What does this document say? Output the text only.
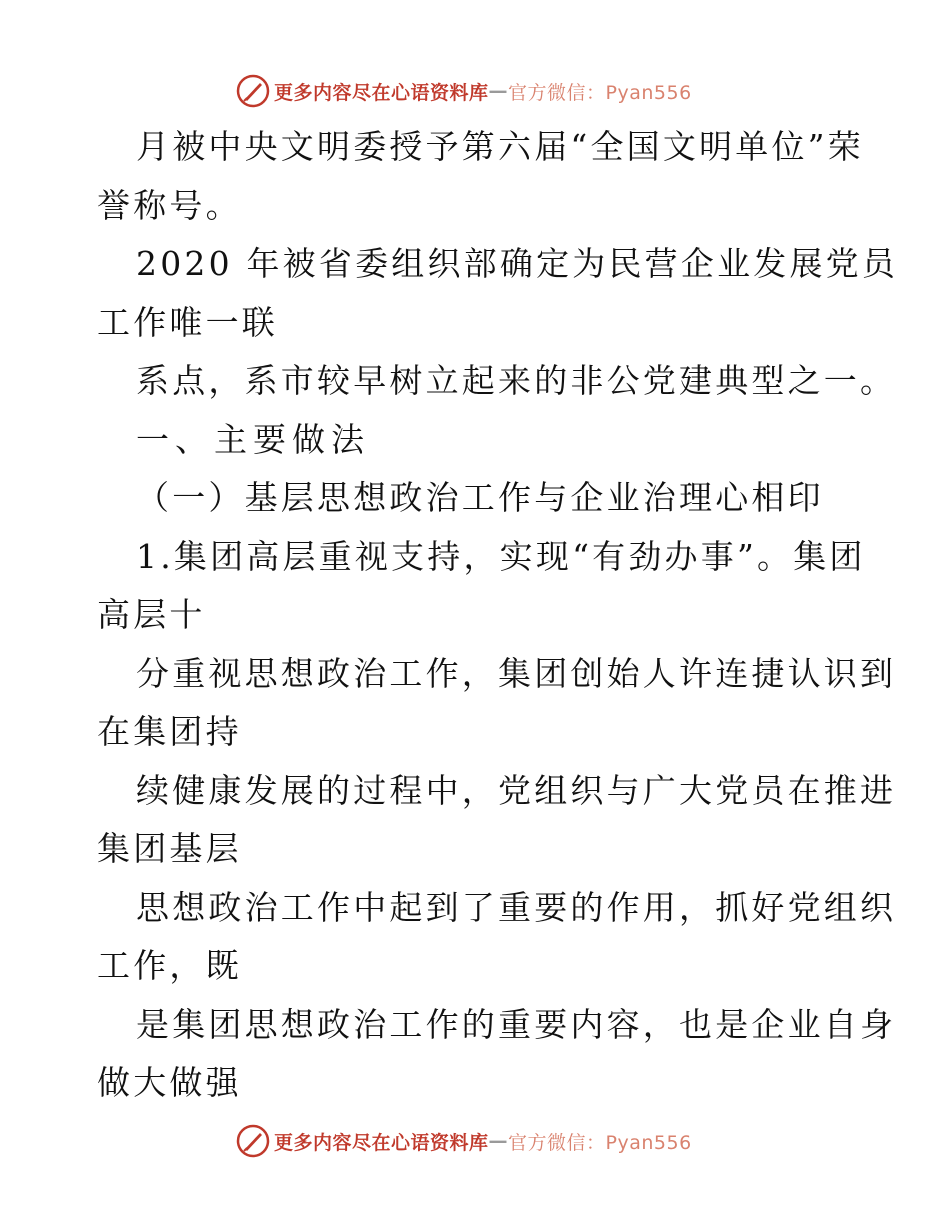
更多内容尽在心语资料库 — 官方微信：Pyan556
月被中央文明委授予第六届“全国文明单位”荣
誉称号。
2020 年被省委组织部确定为民营企业发展党员
工作唯一联
系点，系市较早树立起来的非公党建典型之一。
一、主要做法
（一）基层思想政治工作与企业治理心相印
1.集团高层重视支持，实现“有劲办事”。集团
高层十
分重视思想政治工作，集团创始人许连捷认识到
在集团持
续健康发展的过程中，党组织与广大党员在推进
集团基层
思想政治工作中起到了重要的作用，抓好党组织
工作，既
是集团思想政治工作的重要内容，也是企业自身
做大做强
更多内容尽在心语资料库 — 官方微信：Pyan556
